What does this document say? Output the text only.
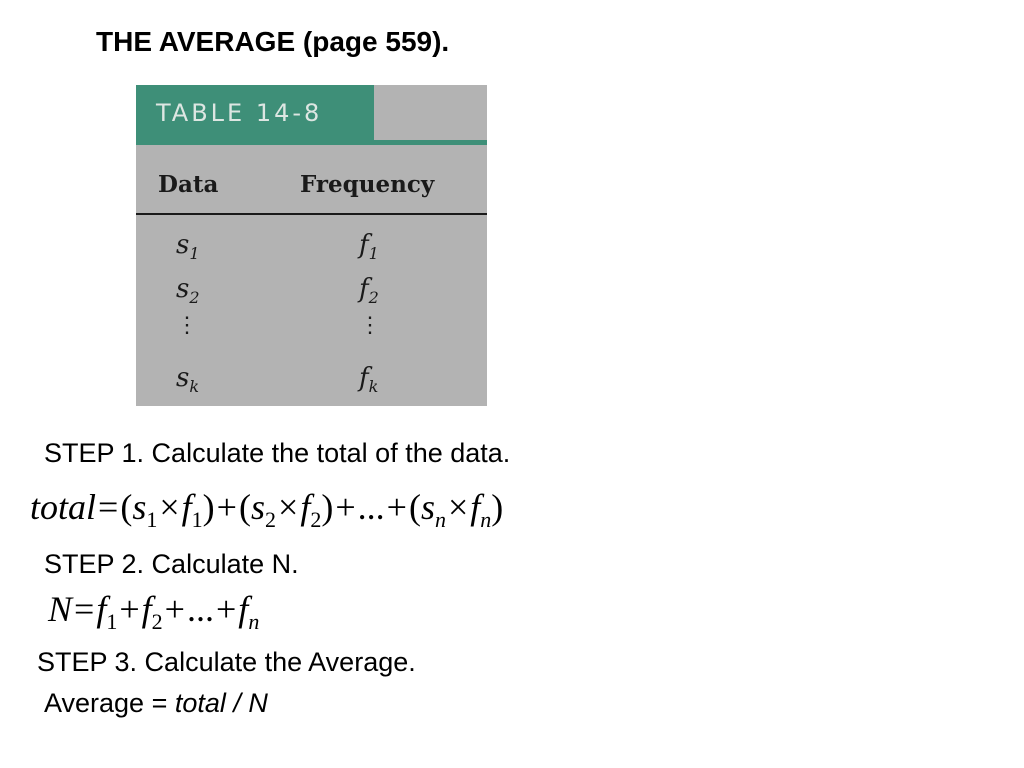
THE AVERAGE (page 559).
TABLE 14-8
Data	Frequency
$s_1$	$f_1$
$s_2$	$f_2$
⋮	⋮
$s_k$	$f_k$
STEP 1. Calculate the total of the data.
$total=(s_1\times f_1)+(s_2\times f_2)+...+(s_n\times f_n)$
STEP 2. Calculate N.
$N=f_1+f_2+...+f_n$
STEP 3. Calculate the Average.
Average = total / N
